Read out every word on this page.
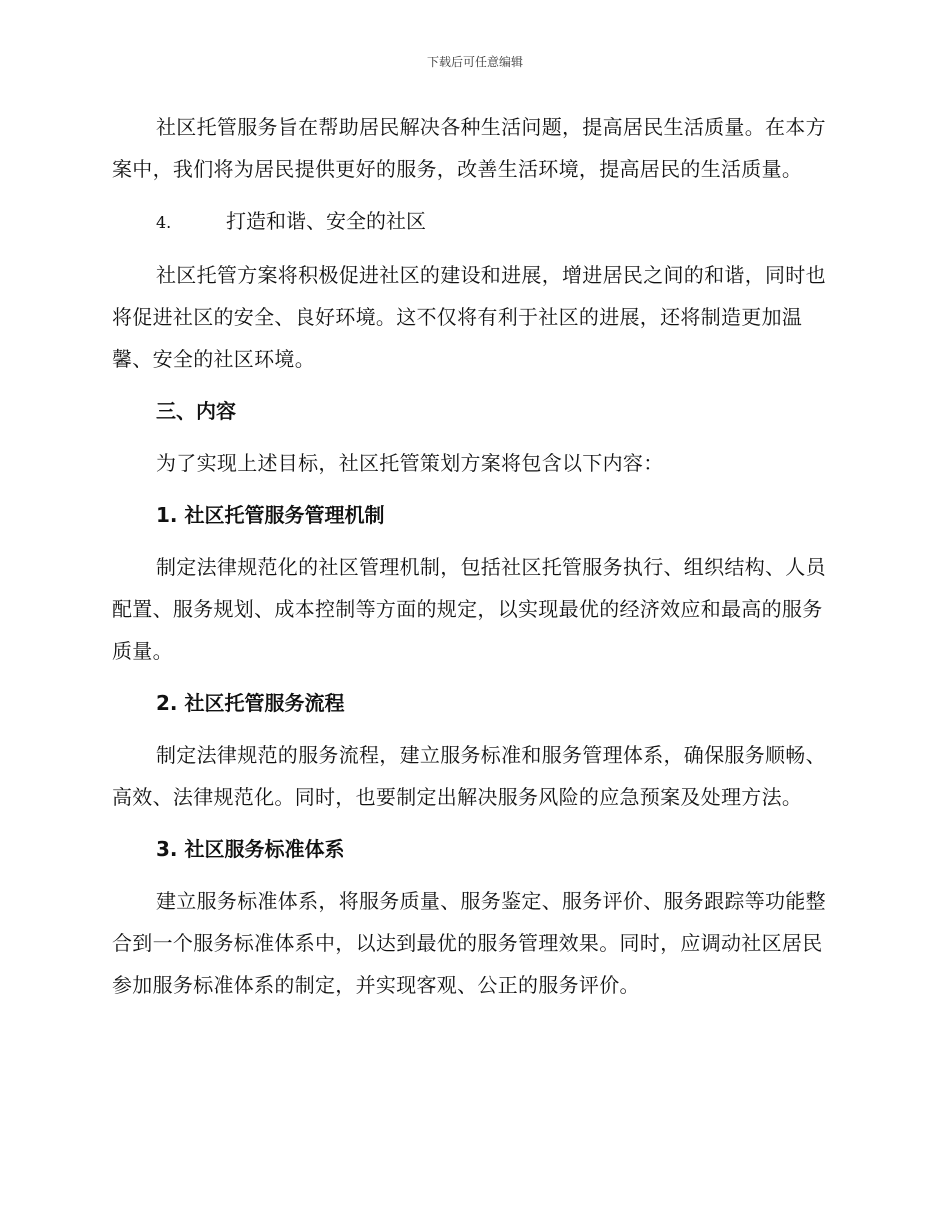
下载后可任意编辑

社区托管服务旨在帮助居民解决各种生活问题，提高居民生活质量。在本方案中，我们将为居民提供更好的服务，改善生活环境，提高居民的生活质量。

4.	打造和谐、安全的社区

社区托管方案将积极促进社区的建设和进展，增进居民之间的和谐，同时也将促进社区的安全、良好环境。这不仅将有利于社区的进展，还将制造更加温馨、安全的社区环境。

三、内容

为了实现上述目标，社区托管策划方案将包含以下内容：

1. 社区托管服务管理机制

制定法律规范化的社区管理机制，包括社区托管服务执行、组织结构、人员配置、服务规划、成本控制等方面的规定，以实现最优的经济效应和最高的服务质量。

2. 社区托管服务流程

制定法律规范的服务流程，建立服务标准和服务管理体系，确保服务顺畅、高效、法律规范化。同时，也要制定出解决服务风险的应急预案及处理方法。

3. 社区服务标准体系

建立服务标准体系，将服务质量、服务鉴定、服务评价、服务跟踪等功能整合到一个服务标准体系中，以达到最优的服务管理效果。同时，应调动社区居民参加服务标准体系的制定，并实现客观、公正的服务评价。
